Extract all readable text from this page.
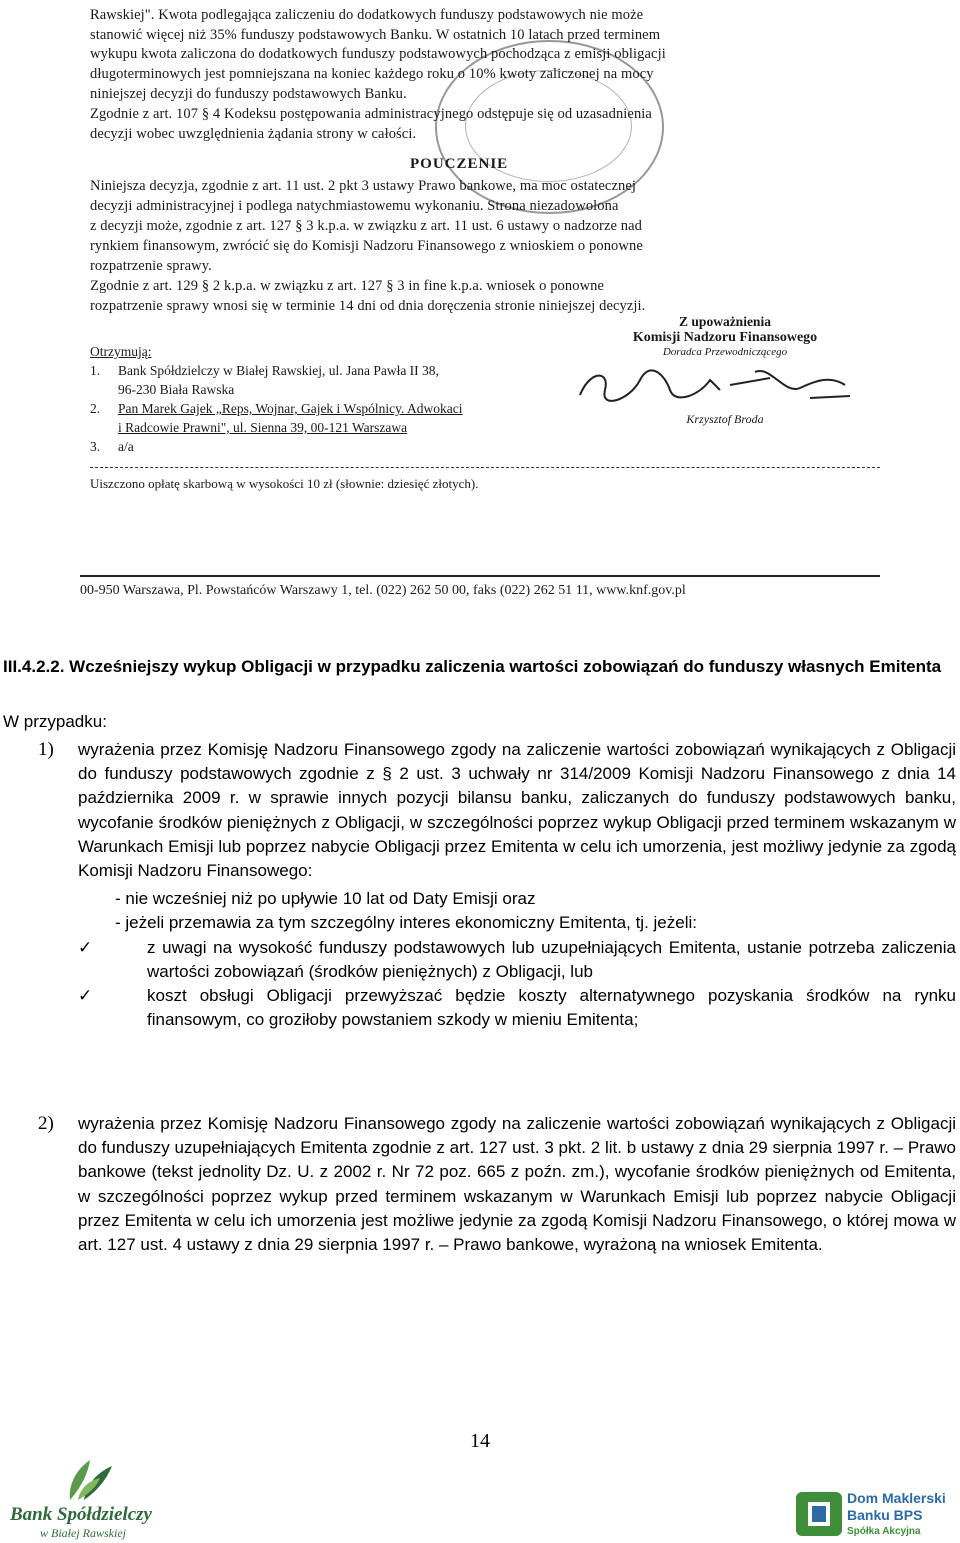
Rawskiej". Kwota podlegająca zaliczeniu do dodatkowych funduszy podstawowych nie może
stanowić więcej niż 35% funduszy podstawowych Banku. W ostatnich 10 latach przed terminem
wykupu kwota zaliczona do dodatkowych funduszy podstawowych pochodząca z emisji obligacji
długoterminowych jest pomniejszana na koniec każdego roku o 10% kwoty zaliczonej na mocy
niniejszej decyzji do funduszy podstawowych Banku.
Zgodnie z art. 107 § 4 Kodeksu postępowania administracyjnego odstępuje się od uzasadnienia
decyzji wobec uwzględnienia żądania strony w całości.
POUCZENIE
Niniejsza decyzja, zgodnie z art. 11 ust. 2 pkt 3 ustawy Prawo bankowe, ma moc ostatecznej
decyzji administracyjnej i podlega natychmiastowemu wykonaniu. Strona niezadowolona
z decyzji może, zgodnie z art. 127 § 3 k.p.a. w związku z art. 11 ust. 6 ustawy o nadzorze nad
rynkiem finansowym, zwrócić się do Komisji Nadzoru Finansowego z wnioskiem o ponowne
rozpatrzenie sprawy.
Zgodnie z art. 129 § 2 k.p.a. w związku z art. 127 § 3 in fine k.p.a. wniosek o ponowne
rozpatrzenie sprawy wnosi się w terminie 14 dni od dnia doręczenia stronie niniejszej decyzji.
Z upoważnienia
Komisji Nadzoru Finansowego
Doradca Przewodniczącego
Krzysztof Broda
Otrzymują:
1. Bank Spółdzielczy w Białej Rawskiej, ul. Jana Pawła II 38,
96-230 Biała Rawska
2. Pan Marek Gajek „Reps, Wojnar, Gajek i Wspólnicy. Adwokaci
i Radcowie Prawni", ul. Sienna 39, 00-121 Warszawa
3. a/a
Uiszczono opłatę skarbową w wysokości 10 zł (słownie: dziesięć złotych).
00-950 Warszawa, Pl. Powstańców Warszawy 1, tel. (022) 262 50 00, faks (022) 262 51 11, www.knf.gov.pl
III.4.2.2. Wcześniejszy wykup Obligacji w przypadku zaliczenia wartości zobowiązań do funduszy własnych Emitenta
W przypadku:
1) wyrażenia przez Komisję Nadzoru Finansowego zgody na zaliczenie wartości zobowiązań wynikających z Obligacji do funduszy podstawowych zgodnie z § 2 ust. 3 uchwały nr 314/2009 Komisji Nadzoru Finansowego z dnia 14 października 2009 r. w sprawie innych pozycji bilansu banku, zaliczanych do funduszy podstawowych banku, wycofanie środków pieniężnych z Obligacji, w szczególności poprzez wykup Obligacji przed terminem wskazanym w Warunkach Emisji lub poprzez nabycie Obligacji przez Emitenta w celu ich umorzenia, jest możliwy jedynie za zgodą Komisji Nadzoru Finansowego:
- nie wcześniej niż po upływie 10 lat od Daty Emisji oraz
- jeżeli przemawia za tym szczególny interes ekonomiczny Emitenta, tj. jeżeli:
✓	z uwagi na wysokość funduszy podstawowych lub uzupełniających Emitenta, ustanie potrzeba zaliczenia wartości zobowiązań (środków pieniężnych) z Obligacji, lub
✓	koszt obsługi Obligacji przewyższać będzie koszty alternatywnego pozyskania środków na rynku finansowym, co groziłoby powstaniem szkody w mieniu Emitenta;
2) wyrażenia przez Komisję Nadzoru Finansowego zgody na zaliczenie wartości zobowiązań wynikających z Obligacji do funduszy uzupełniających Emitenta zgodnie z art. 127 ust. 3 pkt. 2 lit. b ustawy z dnia 29 sierpnia 1997 r. – Prawo bankowe (tekst jednolity Dz. U. z 2002 r. Nr 72 poz. 665 z poźn. zm.), wycofanie środków pieniężnych od Emitenta, w szczególności poprzez wykup przed terminem wskazanym w Warunkach Emisji lub poprzez nabycie Obligacji przez Emitenta w celu ich umorzenia jest możliwe jedynie za zgodą Komisji Nadzoru Finansowego, o której mowa w art. 127 ust. 4 ustawy z dnia 29 sierpnia 1997 r. – Prawo bankowe, wyrażoną na wniosek Emitenta.
14
Bank Spółdzielczy
w Białej Rawskiej
Dom Maklerski
Banku BPS
Spółka Akcyjna
